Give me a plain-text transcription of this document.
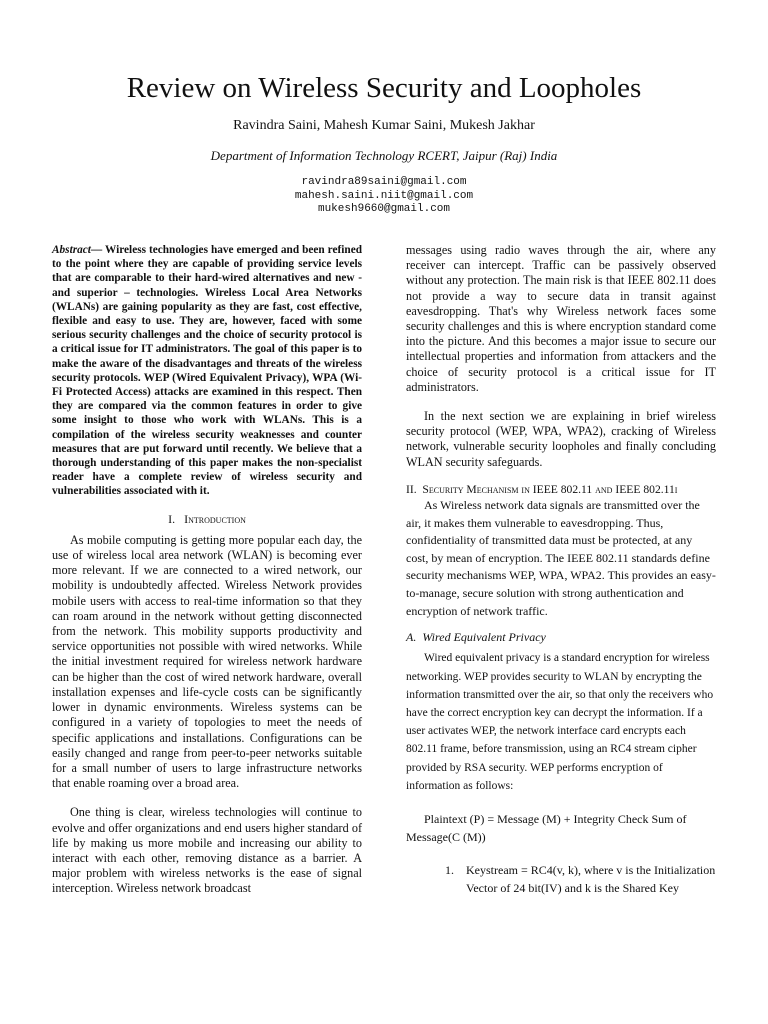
Review on Wireless Security and Loopholes
Ravindra Saini, Mahesh Kumar Saini, Mukesh Jakhar
Department of Information Technology RCERT, Jaipur (Raj) India
ravindra89saini@gmail.com
mahesh.saini.niit@gmail.com
mukesh9660@gmail.com
Abstract— Wireless technologies have emerged and been refined to the point where they are capable of providing service levels that are comparable to their hard-wired alternatives and new - and superior – technologies. Wireless Local Area Networks (WLANs) are gaining popularity as they are fast, cost effective, flexible and easy to use. They are, however, faced with some serious security challenges and the choice of security protocol is a critical issue for IT administrators. The goal of this paper is to make the aware of the disadvantages and threats of the wireless security protocols. WEP (Wired Equivalent Privacy), WPA (Wi-Fi Protected Access) attacks are examined in this respect. Then they are compared via the common features in order to give some insight to those who work with WLANs. This is a compilation of the wireless security weaknesses and counter measures that are put forward until recently. We believe that a thorough understanding of this paper makes the non-specialist reader have a complete review of wireless security and vulnerabilities associated with it.
I. Introduction

As mobile computing is getting more popular each day, the use of wireless local area network (WLAN) is becoming ever more relevant. If we are connected to a wired network, our mobility is undoubtedly affected. Wireless Network provides mobile users with access to real-time information so that they can roam around in the network without getting disconnected from the network. This mobility supports productivity and service opportunities not possible with wired networks. While the initial investment required for wireless network hardware can be higher than the cost of wired network hardware, overall installation expenses and life-cycle costs can be significantly lower in dynamic environments. Wireless systems can be configured in a variety of topologies to meet the needs of specific applications and installations. Configurations can be easily changed and range from peer-to-peer networks suitable for a small number of users to large infrastructure networks that enable roaming over a broad area.

One thing is clear, wireless technologies will continue to evolve and offer organizations and end users higher standard of life by making us more mobile and increasing our ability to interact with each other, removing distance as a barrier. A major problem with wireless networks is the ease of signal interception. Wireless network broadcast

messages using radio waves through the air, where any receiver can intercept. Traffic can be passively observed without any protection. The main risk is that IEEE 802.11 does not provide a way to secure data in transit against eavesdropping. That's why Wireless network faces some security challenges and this is where encryption standard come into the picture. And this becomes a major issue to secure our intellectual properties and information from attackers and the choice of security protocol is a critical issue for IT administrators.

In the next section we are explaining in brief wireless security protocol (WEP, WPA, WPA2), cracking of Wireless network, vulnerable security loopholes and finally concluding WLAN security safeguards.

II. Security Mechanism in IEEE 802.11 and IEEE 802.11i

As Wireless network data signals are transmitted over the air, it makes them vulnerable to eavesdropping. Thus, confidentiality of transmitted data must be protected, at any cost, by mean of encryption. The IEEE 802.11 standards define security mechanisms WEP, WPA, WPA2. This provides an easy-to-manage, secure solution with strong authentication and encryption of network traffic.

A. Wired Equivalent Privacy

Wired equivalent privacy is a standard encryption for wireless networking. WEP provides security to WLAN by encrypting the information transmitted over the air, so that only the receivers who have the correct encryption key can decrypt the information. If a user activates WEP, the network interface card encrypts each 802.11 frame, before transmission, using an RC4 stream cipher provided by RSA security. WEP performs encryption of information as follows:

Plaintext (P) = Message (M) + Integrity Check Sum of Message(C (M))

1.	Keystream = RC4(v, k), where v is the Initialization Vector of 24 bit(IV) and k is the Shared Key
